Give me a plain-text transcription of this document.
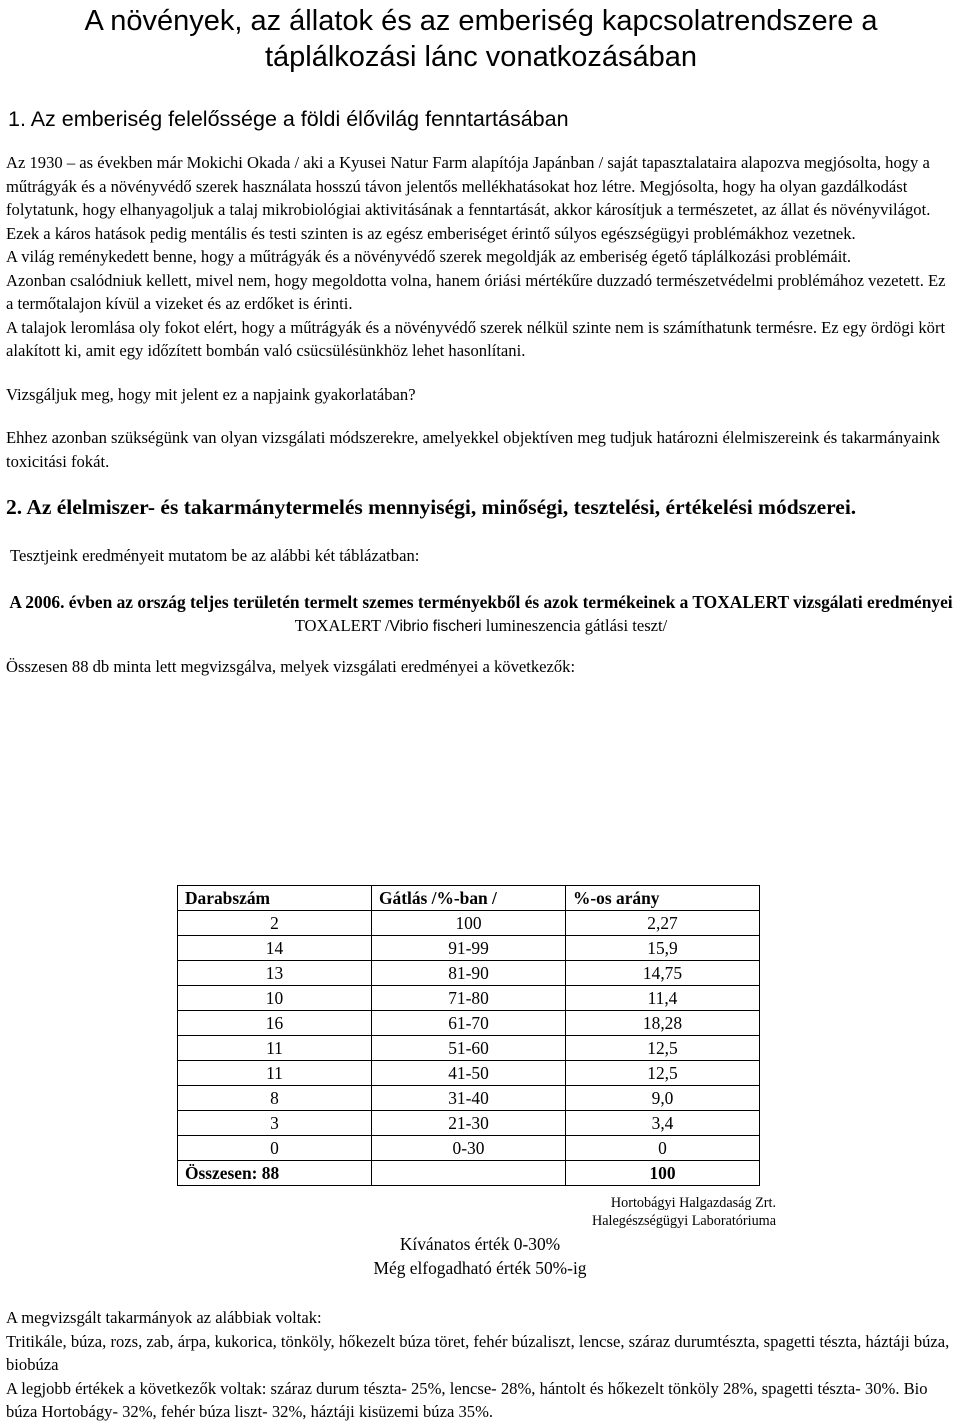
A növények, az állatok és az emberiség kapcsolatrendszere a táplálkozási lánc vonatkozásában
1. Az emberiség felelőssége a földi élővilág fenntartásában

Az 1930 – as években már Mokichi Okada / aki a Kyusei Natur Farm alapítója Japánban / saját tapasztalataira alapozva megjósolta, hogy a műtrágyák és a növényvédő szerek használata hosszú távon jelentős mellékhatásokat hoz létre. Megjósolta, hogy ha olyan gazdálkodást folytatunk, hogy elhanyagoljuk a talaj mikrobiológiai aktivitásának a fenntartását, akkor károsítjuk a természetet, az állat és növényvilágot. Ezek a káros hatások pedig mentális és testi szinten is az egész emberiséget érintő súlyos egészségügyi problémákhoz vezetnek.

A világ reménykedett benne, hogy a műtrágyák és a növényvédő szerek megoldják az emberiség égető táplálkozási problémáit.

Azonban csalódniuk kellett, mivel nem, hogy megoldotta volna, hanem óriási mértékűre duzzadó természetvédelmi problémához vezetett. Ez a termőtalajon kívül a vizeket és az erdőket is érinti.

A talajok leromlása oly fokot elért, hogy a műtrágyák és a növényvédő szerek nélkül szinte nem is számíthatunk termésre. Ez egy ördögi kört alakított ki, amit egy időzített bombán való csücsülésünkhöz lehet hasonlítani.

Vizsgáljuk meg, hogy mit jelent ez a napjaink gyakorlatában?

Ehhez azonban szükségünk van olyan vizsgálati módszerekre, amelyekkel objektíven meg tudjuk határozni élelmiszereink és takarmányaink toxicitási fokát.

2. Az élelmiszer- és takarmánytermelés mennyiségi, minőségi, tesztelési, értékelési módszerei.

Tesztjeink eredményeit mutatom be az alábbi két táblázatban:

A 2006. évben az ország teljes területén termelt szemes terményekből és azok termékeinek a TOXALERT vizsgálati eredményei
TOXALERT /Vibrio fischeri lumineszencia gátlási teszt/

Összesen 88 db minta lett megvizsgálva, melyek vizsgálati eredményei a következők:

Darabszám	Gátlás /%-ban /	%-os arány
2	100	2,27
14	91-99	15,9
13	81-90	14,75
10	71-80	11,4
16	61-70	18,28
11	51-60	12,5
11	41-50	12,5
8	31-40	9,0
3	21-30	3,4
0	0-30	0
Összesen: 88		100
Hortobágyi Halgazdaság Zrt.
Halegészségügyi Laboratóriuma
Kívánatos érték 0-30%
Még elfogadható érték 50%-ig

A megvizsgált takarmányok az alábbiak voltak:

Tritikále, búza, rozs, zab, árpa, kukorica, tönköly, hőkezelt búza töret, fehér búzaliszt, lencse, száraz durumtészta, spagetti tészta, háztáji búza, biobúza

A legjobb értékek a következők voltak: száraz durum tészta- 25%, lencse- 28%, hántolt és hőkezelt tönköly 28%, spagetti tészta- 30%. Bio búza Hortobágy- 32%, fehér búza liszt- 32%, háztáji kisüzemi búza 35%.
